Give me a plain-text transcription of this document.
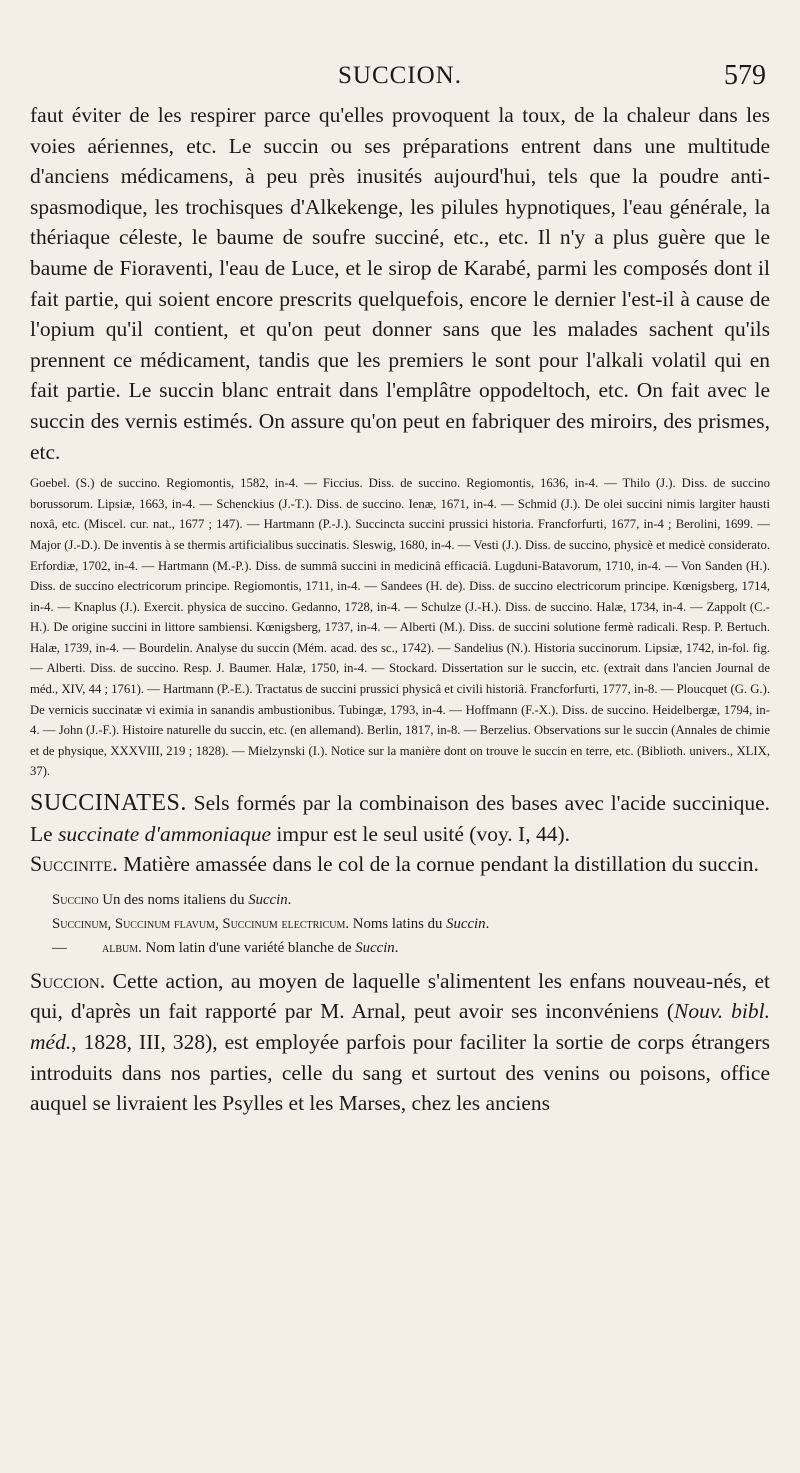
SUCCION.	579

faut éviter de les respirer parce qu'elles provoquent la toux, de la chaleur dans les voies aériennes, etc. Le succin ou ses préparations entrent dans une multitude d'anciens médicamens, à peu près inusités aujourd'hui, tels que la poudre anti-spasmodique, les trochisques d'Alkekenge, les pilules hypnotiques, l'eau générale, la thériaque céleste, le baume de soufre succiné, etc., etc. Il n'y a plus guère que le baume de Fioraventi, l'eau de Luce, et le sirop de Karabé, parmi les composés dont il fait partie, qui soient encore prescrits quelquefois, encore le dernier l'est-il à cause de l'opium qu'il contient, et qu'on peut donner sans que les malades sachent qu'ils prennent ce médicament, tandis que les premiers le sont pour l'alkali volatil qui en fait partie. Le succin blanc entrait dans l'emplâtre oppodeltoch, etc. On fait avec le succin des vernis estimés. On assure qu'on peut en fabriquer des miroirs, des prismes, etc.

Goebel. (S.) de succino. Regiomontis, 1582, in-4. — Ficcius. Diss. de succino. Regiomontis, 1636, in-4. — Thilo (J.). Diss. de succino borussorum. Lipsiæ, 1663, in-4. — Schenckius (J.-T.). Diss. de succino. Ienæ, 1671, in-4. — Schmid (J.). De olei succini nimis largiter hausti noxâ, etc. (Miscel. cur. nat., 1677 ; 147). — Hartmann (P.-J.). Succincta succini prussici historia. Francforfurti, 1677, in-4 ; Berolini, 1699. — Major (J.-D.). De inventis à se thermis artificialibus succinatis. Sleswig, 1680, in-4. — Vesti (J.). Diss. de succino, physicè et medicè considerato. Erfordiæ, 1702, in-4. — Hartmann (M.-P.). Diss. de summâ succini in medicinâ efficaciâ. Lugduni-Batavorum, 1710, in-4. — Von Sanden (H.). Diss. de succino electricorum principe. Regiomontis, 1711, in-4. — Sandees (H. de). Diss. de succino electricorum principe. Kœnigsberg, 1714, in-4. — Knaplus (J.). Exercit. physica de succino. Gedanno, 1728, in-4. — Schulze (J.-H.). Diss. de succino. Halæ, 1734, in-4. — Zappolt (C.-H.). De origine succini in littore sambiensi. Kœnigsberg, 1737, in-4. — Alberti (M.). Diss. de succini solutione fermè radicali. Resp. P. Bertuch. Halæ, 1739, in-4. — Bourdelin. Analyse du succin (Mém. acad. des sc., 1742). — Sandelius (N.). Historia succinorum. Lipsiæ, 1742, in-fol. fig. — Alberti. Diss. de succino. Resp. J. Baumer. Halæ, 1750, in-4. — Stockard. Dissertation sur le succin, etc. (extrait dans l'ancien Journal de méd., XIV, 44 ; 1761). — Hartmann (P.-E.). Tractatus de succini prussici physicâ et civili historiâ. Francforfurti, 1777, in-8. — Ploucquet (G. G.). De vernicis succinatæ vi eximia in sanandis ambustionibus. Tubingæ, 1793, in-4. — Hoffmann (F.-X.). Diss. de succino. Heidelbergæ, 1794, in-4. — John (J.-F.). Histoire naturelle du succin, etc. (en allemand). Berlin, 1817, in-8. — Berzelius. Observations sur le succin (Annales de chimie et de physique, XXXVIII, 219 ; 1828). — Mielzynski (I.). Notice sur la manière dont on trouve le succin en terre, etc. (Biblioth. univers., XLIX, 37).

SUCCINATES. Sels formés par la combinaison des bases avec l'acide succinique. Le succinate d'ammoniaque impur est le seul usité (voy. I, 44).

Succinite. Matière amassée dans le col de la cornue pendant la distillation du succin.

Succino Un des noms italiens du Succin.

Succinum, Succinum flavum, Succinum electricum. Noms latins du Succin.

— album. Nom latin d'une variété blanche de Succin.

Succion. Cette action, au moyen de laquelle s'alimentent les enfans nouveau-nés, et qui, d'après un fait rapporté par M. Arnal, peut avoir ses inconvéniens (Nouv. bibl. méd., 1828, III, 328), est employée parfois pour faciliter la sortie de corps étrangers introduits dans nos parties, celle du sang et surtout des venins ou poisons, office auquel se livraient les Psylles et les Marses, chez les anciens
